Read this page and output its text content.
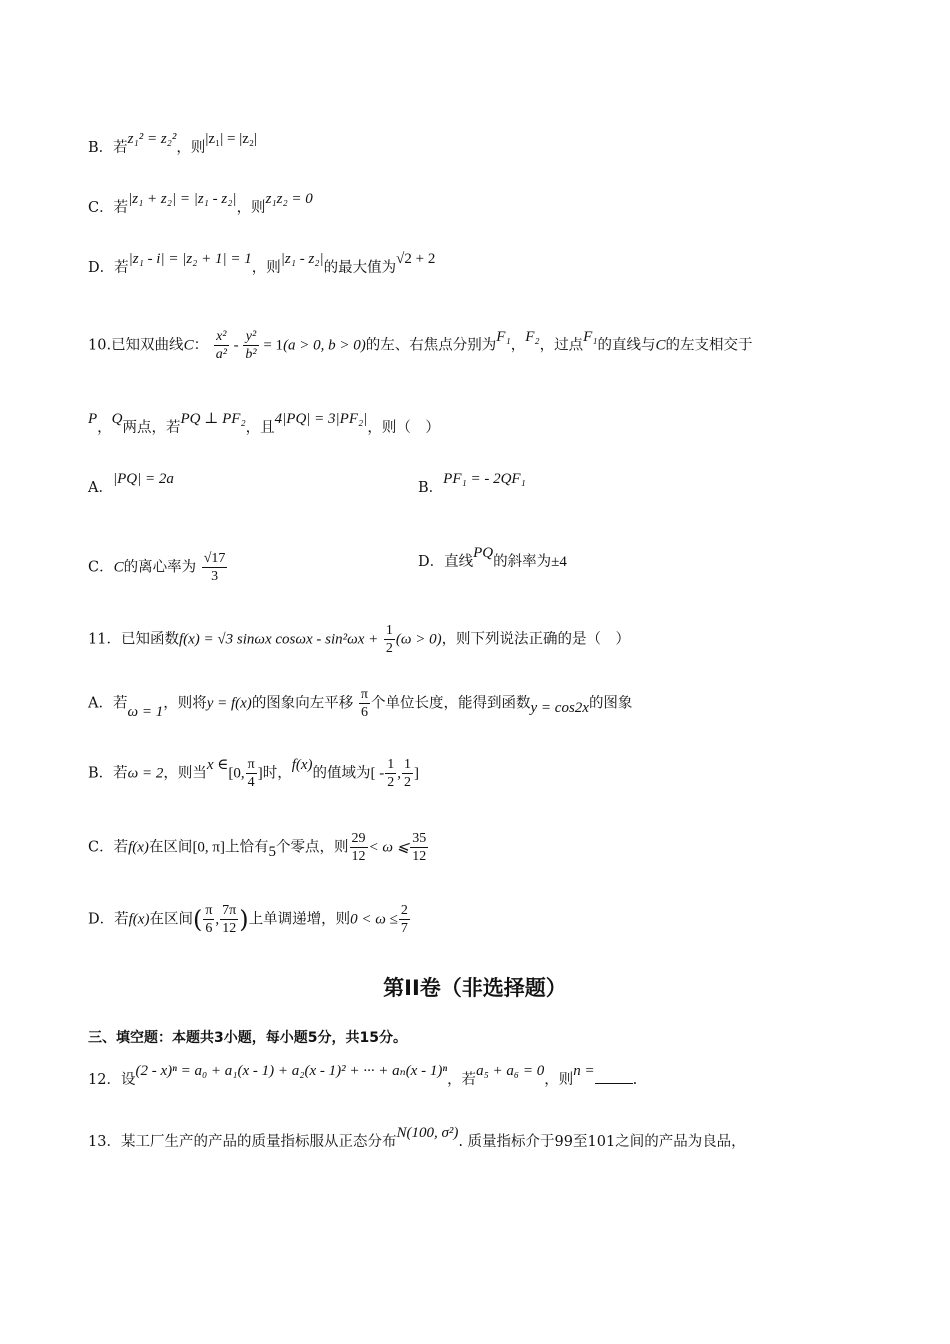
B．若z₁² = z₂²，则|z₁| = |z₂|
C．若|z₁ + z₂| = |z₁ - z₂|，则z₁z₂ = 0
D．若|z₁ - i| = |z₂ + 1| = 1，则|z₁ - z₂|的最大值为√2 + 2
10.已知双曲线C： $\frac{\text{x²}}{\text{a²}} - \frac{\text{y²}}{\text{b²}} = 1(a > 0$, b > 0)的左、右焦点分别为F₁，F₂，过点F₁的直线与C的左支相交于
P，Q两点，若PQ ⊥ PF₂，且4|PQ| = 3|PF₂|，则（　）
A．|PQ| = 2a
B．PF₁ = - 2QF₁
C．C的离心率为 $\frac{√17}{3}$	D．直线PQ的斜率为±4
11．已知函数f(x) = √3 sinωx $\cos\omega x - \sin^2\omega x + \frac{1}{2} (\omega > 0)$，则下列说法正确的是（　）
A．若ω = 1，则将y = f(x)的图象向左平移 $\frac{\pi}{6}$ 个单位长度，能得到函数y = cos2x的图象
B．若ω = 2，则当x ∈[0, $\frac{\pi}{4}$ ]时，f(x)的值域为[ - $\frac{1}{2}$ , $\frac{1}{2}$ ]
C．若f(x)在区间[0, π]上恰有5个零点，则 $\frac{29}{12} < \omega$ ⩽ $\frac{35}{12}$
D．若f(x)在区间( $\frac{\pi}{6}$ , $\frac{7\pi}{12}$ )上单调递增，则$0 < \omega \le \frac{2}{7}$
第II卷（非选择题）
三、填空题：本题共3小题，每小题5分，共15分。
12．设(2 - x)ⁿ = a₀ + a₁(x - 1) + a₂(x - 1)² + ··· + aₙ(x - 1)ⁿ，若a₅ + a₆ = 0，则n =.
13．某工厂生产的产品的质量指标服从正态分布N(100, σ²). 质量指标介于99至101之间的产品为良品，
